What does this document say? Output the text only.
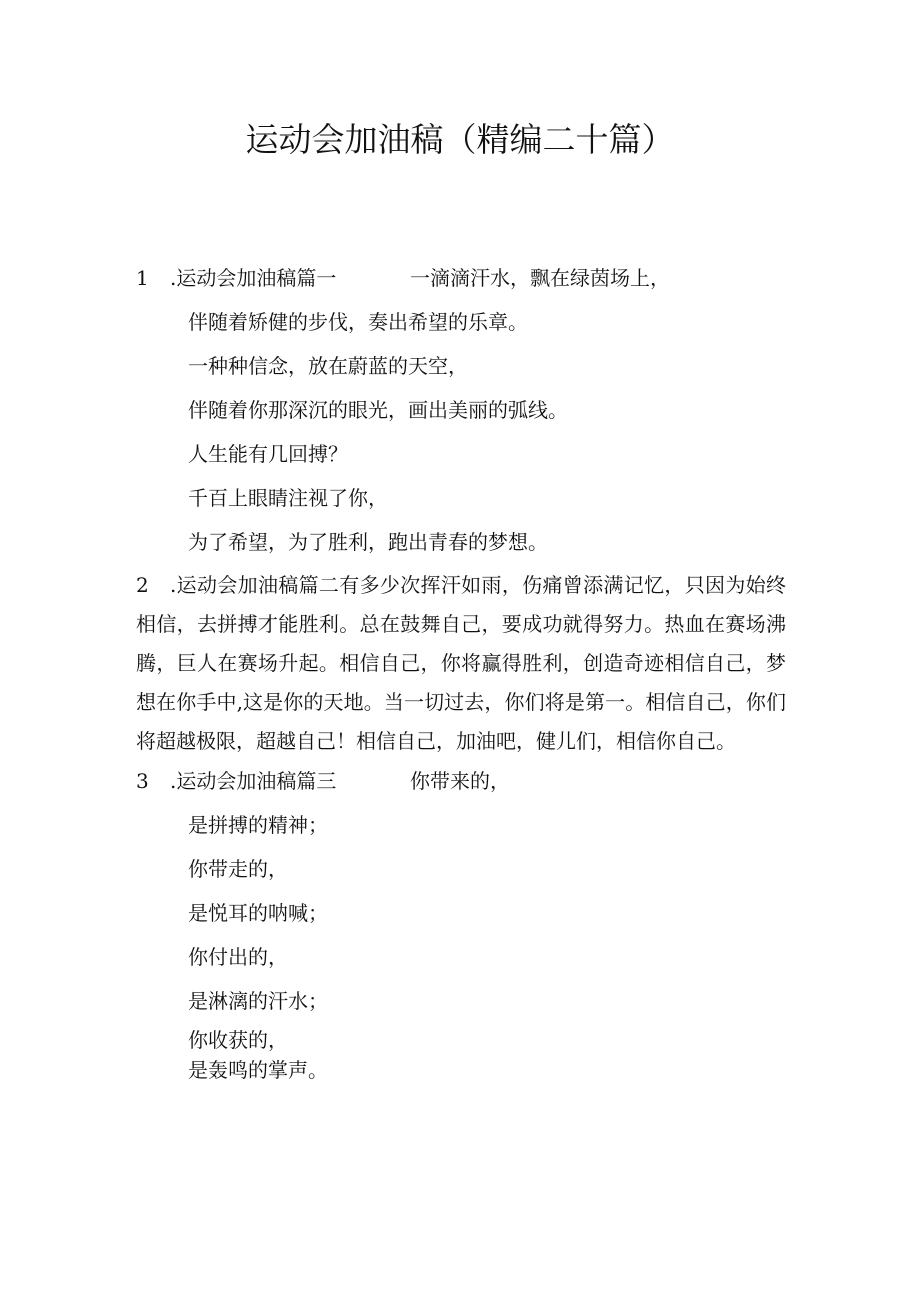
运动会加油稿（精编二十篇）
1 .运动会加油稿篇一	一滴滴汗水，飘在绿茵场上，
伴随着矫健的步伐，奏出希望的乐章。
一种种信念，放在蔚蓝的天空，
伴随着你那深沉的眼光，画出美丽的弧线。
人生能有几回搏？
千百上眼睛注视了你，
为了希望，为了胜利，跑出青春的梦想。
2 .运动会加油稿篇二有多少次挥汗如雨，伤痛曾添满记忆，只因为始终相信，去拼搏才能胜利。总在鼓舞自己，要成功就得努力。热血在赛场沸腾，巨人在赛场升起。相信自己，你将赢得胜利，创造奇迹相信自己，梦想在你手中,这是你的天地。当一切过去，你们将是第一。相信自己，你们将超越极限，超越自己！相信自己，加油吧，健儿们，相信你自己。
3 .运动会加油稿篇三	你带来的，
是拼搏的精神；
你带走的，
是悦耳的呐喊；
你付出的，
是淋漓的汗水；
你收获的，
是轰鸣的掌声。
